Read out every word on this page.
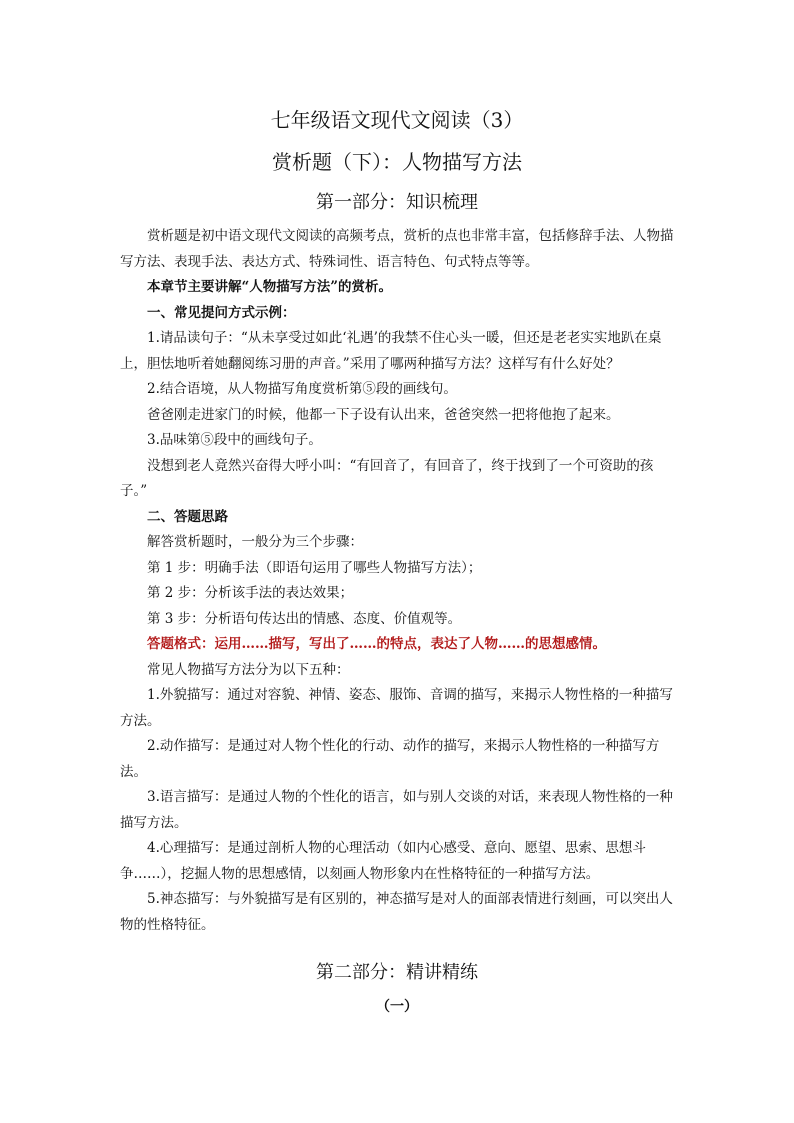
七年级语文现代文阅读（3）
赏析题（下）：人物描写方法
第一部分：知识梳理

赏析题是初中语文现代文阅读的高频考点，赏析的点也非常丰富，包括修辞手法、人物描写方法、表现手法、表达方式、特殊词性、语言特色、句式特点等等。

本章节主要讲解“人物描写方法”的赏析。

一、常见提问方式示例：

1.请品读句子：“从未享受过如此‘礼遇’的我禁不住心头一暖，但还是老老实实地趴在桌上，胆怯地听着她翻阅练习册的声音。”采用了哪两种描写方法？这样写有什么好处？

2.结合语境，从人物描写角度赏析第⑤段的画线句。

爸爸刚走进家门的时候，他都一下子设有认出来，爸爸突然一把将他抱了起来。

3.品味第⑤段中的画线句子。

没想到老人竟然兴奋得大呼小叫：“有回音了，有回音了，终于找到了一个可资助的孩子。”

二、答题思路

解答赏析题时，一般分为三个步骤：

第 1 步：明确手法（即语句运用了哪些人物描写方法）；

第 2 步：分析该手法的表达效果；

第 3 步：分析语句传达出的情感、态度、价值观等。

答题格式：运用……描写，写出了……的特点，表达了人物……的思想感情。

常见人物描写方法分为以下五种：

1.外貌描写：通过对容貌、神情、姿态、服饰、音调的描写，来揭示人物性格的一种描写方法。

2.动作描写：是通过对人物个性化的行动、动作的描写，来揭示人物性格的一种描写方法。

3.语言描写：是通过人物的个性化的语言，如与别人交谈的对话，来表现人物性格的一种描写方法。

4.心理描写：是通过剖析人物的心理活动（如内心感受、意向、愿望、思索、思想斗争……），挖掘人物的思想感情，以刻画人物形象内在性格特征的一种描写方法。

5.神态描写：与外貌描写是有区别的，神态描写是对人的面部表情进行刻画，可以突出人物的性格特征。

第二部分：精讲精练
（一）
